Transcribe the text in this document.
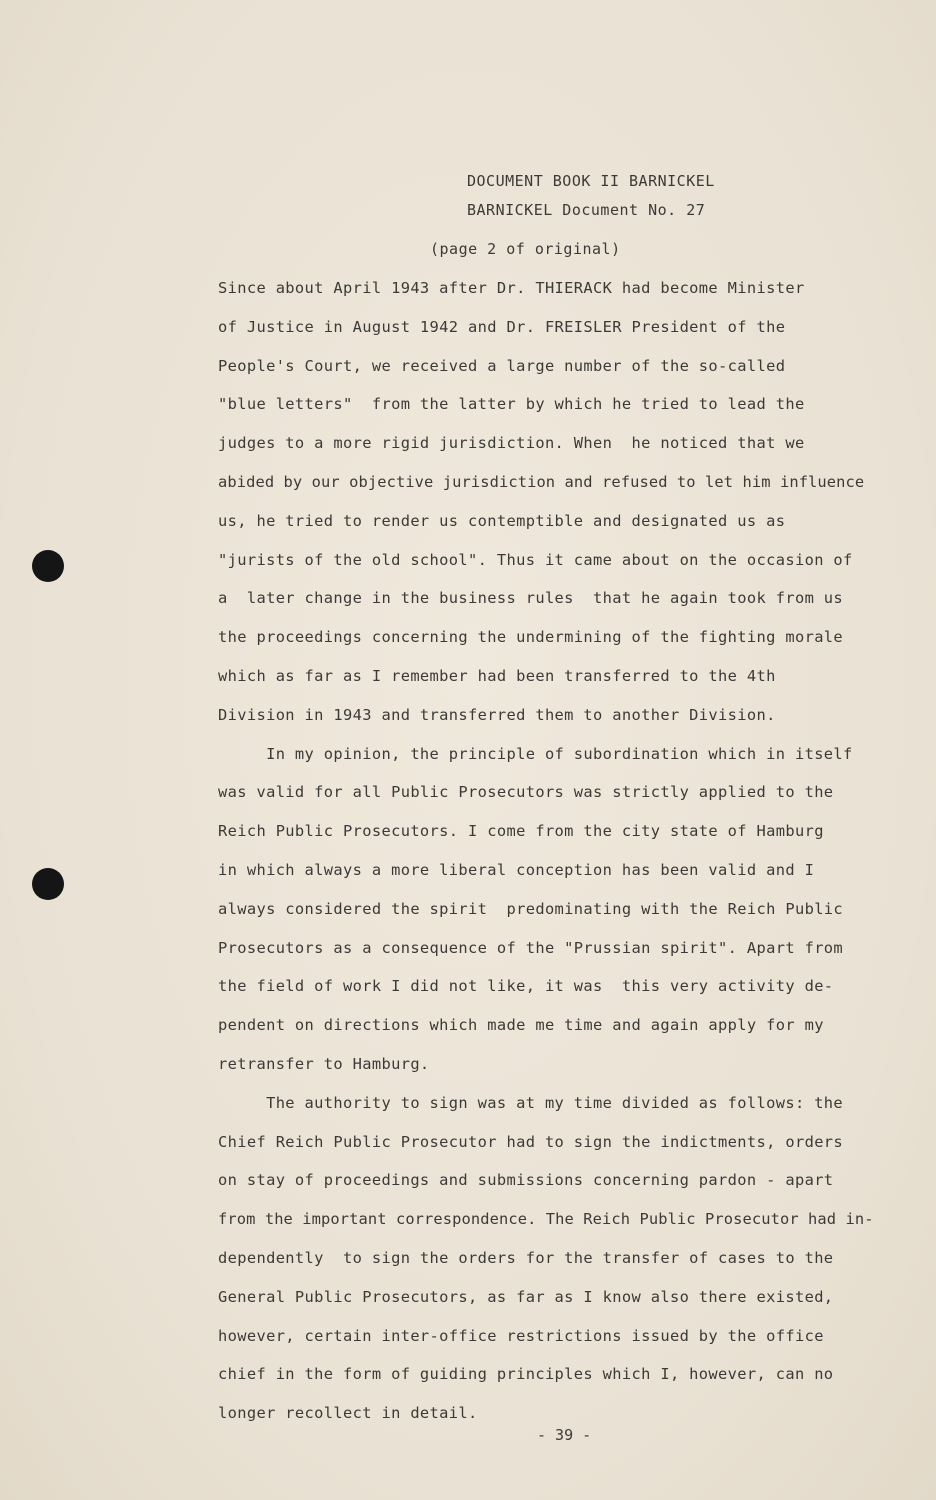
DOCUMENT BOOK II BARNICKEL
BARNICKEL Document No. 27
(page 2 of original)
Since about April 1943 after Dr. THIERACK had become Minister
of Justice in August 1942 and Dr. FREISLER President of the
People's Court, we received a large number of the so-called
"blue letters"  from the latter by which he tried to lead the
judges to a more rigid jurisdiction. When  he noticed that we
abided by our objective jurisdiction and refused to let him influence
us, he tried to render us contemptible and designated us as
"jurists of the old school". Thus it came about on the occasion of
a  later change in the business rules  that he again took from us
the proceedings concerning the undermining of the fighting morale
which as far as I remember had been transferred to the 4th
Division in 1943 and transferred them to another Division.
In my opinion, the principle of subordination which in itself
was valid for all Public Prosecutors was strictly applied to the
Reich Public Prosecutors. I come from the city state of Hamburg
in which always a more liberal conception has been valid and I
always considered the spirit  predominating with the Reich Public
Prosecutors as a consequence of the "Prussian spirit". Apart from
the field of work I did not like, it was  this very activity de-
pendent on directions which made me time and again apply for my
retransfer to Hamburg.
The authority to sign was at my time divided as follows: the
Chief Reich Public Prosecutor had to sign the indictments, orders
on stay of proceedings and submissions concerning pardon - apart
from the important correspondence. The Reich Public Prosecutor had in-
dependently  to sign the orders for the transfer of cases to the
General Public Prosecutors, as far as I know also there existed,
however, certain inter-office restrictions issued by the office
chief in the form of guiding principles which I, however, can no
longer recollect in detail.
- 39 -
